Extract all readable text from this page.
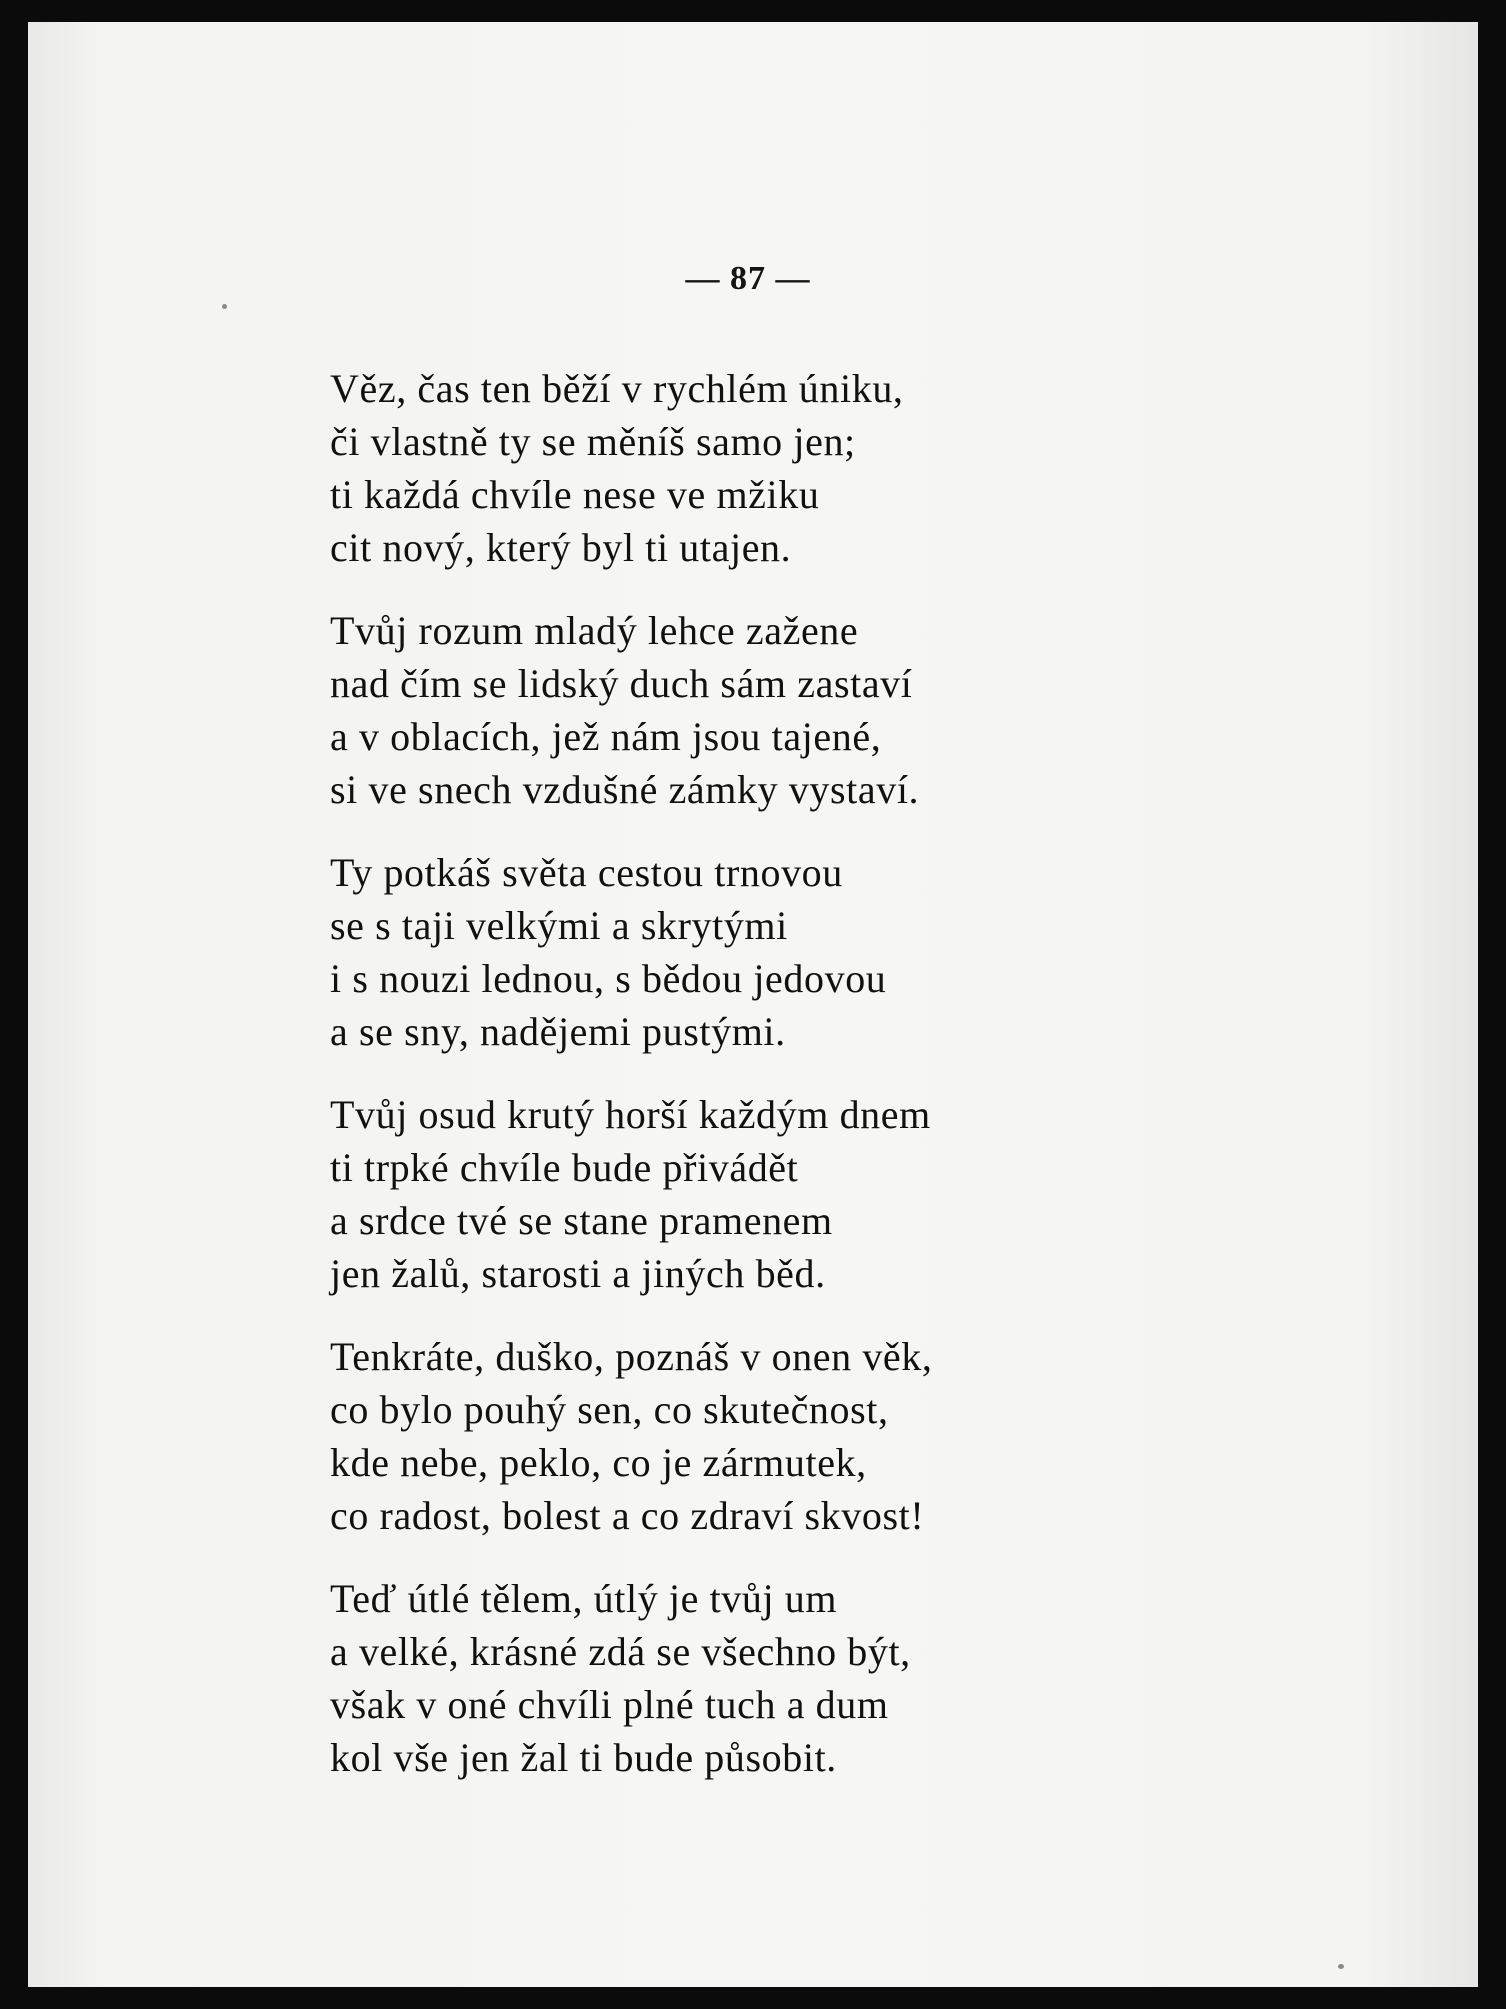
— 87 —
Věz, čas ten běží v rychlém úniku,
či vlastně ty se měníš samo jen;
ti každá chvíle nese ve mžiku
cit nový, který byl ti utajen.
Tvůj rozum mladý lehce zažene
nad čím se lidský duch sám zastaví
a v oblacích, jež nám jsou tajené,
si ve snech vzdušné zámky vystaví.
Ty potkáš světa cestou trnovou
se s taji velkými a skrytými
i s nouzi lednou, s bědou jedovou
a se sny, nadějemi pustými.
Tvůj osud krutý horší každým dnem
ti trpké chvíle bude přivádět
a srdce tvé se stane pramenem
jen žalů, starosti a jiných běd.
Tenkráte, duško, poznáš v onen věk,
co bylo pouhý sen, co skutečnost,
kde nebe, peklo, co je zármutek,
co radost, bolest a co zdraví skvost!
Teď útlé tělem, útlý je tvůj um
a velké, krásné zdá se všechno být,
však v oné chvíli plné tuch a dum
kol vše jen žal ti bude působit.
